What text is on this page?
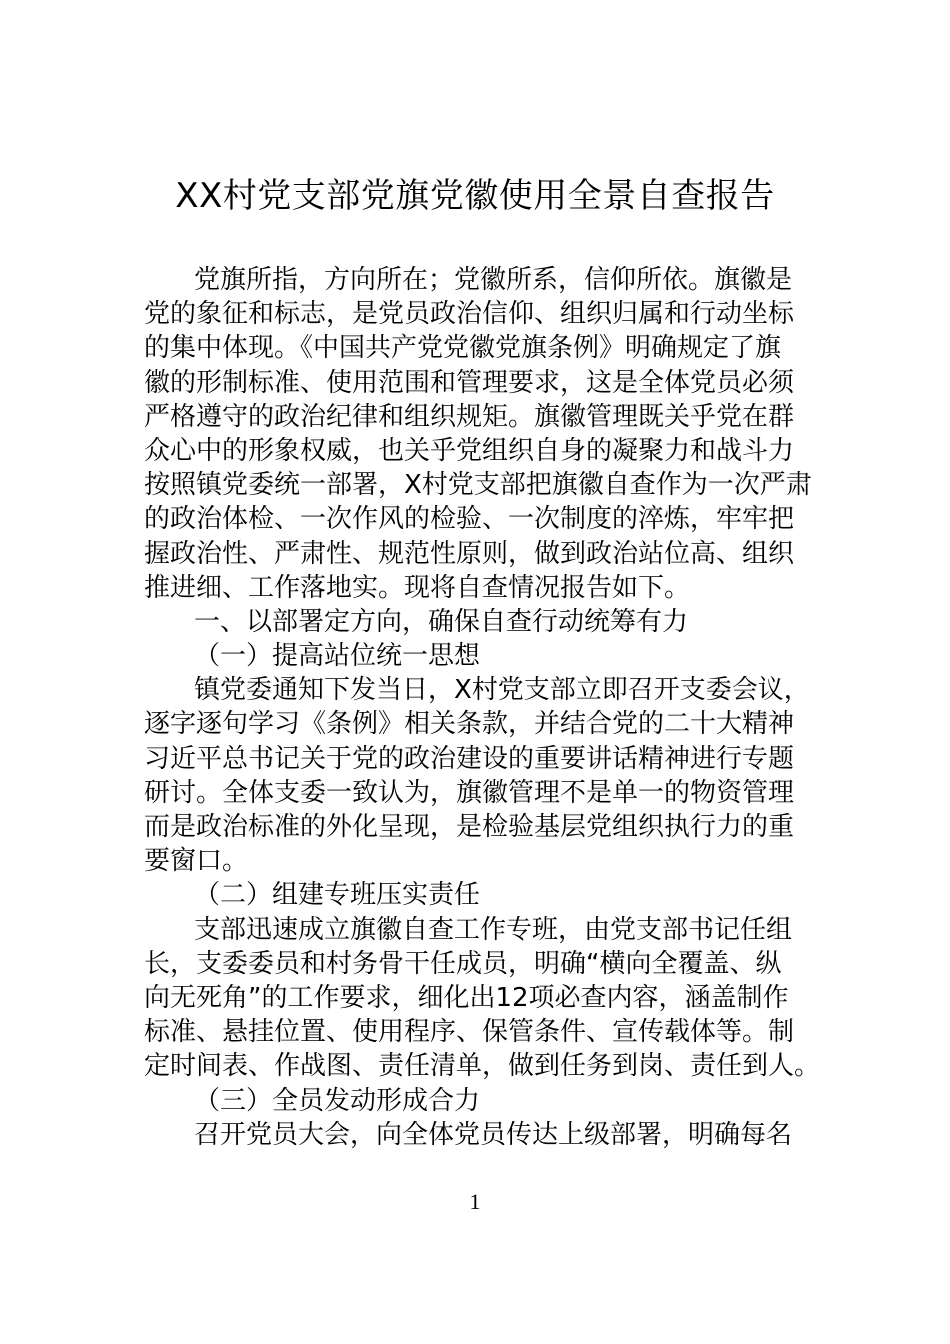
XX村党支部党旗党徽使用全景自查报告
党旗所指，方向所在；党徽所系，信仰所依。旗徽是
党的象征和标志，是党员政治信仰、组织归属和行动坐标
的集中体现。《中国共产党党徽党旗条例》明确规定了旗
徽的形制标准、使用范围和管理要求，这是全体党员必须
严格遵守的政治纪律和组织规矩。旗徽管理既关乎党在群
众心中的形象权威，也关乎党组织自身的凝聚力和战斗力
按照镇党委统一部署，X村党支部把旗徽自查作为一次严肃
的政治体检、一次作风的检验、一次制度的淬炼，牢牢把
握政治性、严肃性、规范性原则，做到政治站位高、组织
推进细、工作落地实。现将自查情况报告如下。
一、以部署定方向，确保自查行动统筹有力
（一）提高站位统一思想
镇党委通知下发当日，X村党支部立即召开支委会议，
逐字逐句学习《条例》相关条款，并结合党的二十大精神
习近平总书记关于党的政治建设的重要讲话精神进行专题
研讨。全体支委一致认为，旗徽管理不是单一的物资管理
而是政治标准的外化呈现，是检验基层党组织执行力的重
要窗口。
（二）组建专班压实责任
支部迅速成立旗徽自查工作专班，由党支部书记任组
长，支委委员和村务骨干任成员，明确“横向全覆盖、纵
向无死角”的工作要求，细化出12项必查内容，涵盖制作
标准、悬挂位置、使用程序、保管条件、宣传载体等。制
定时间表、作战图、责任清单，做到任务到岗、责任到人。
（三）全员发动形成合力
召开党员大会，向全体党员传达上级部署，明确每名
1
